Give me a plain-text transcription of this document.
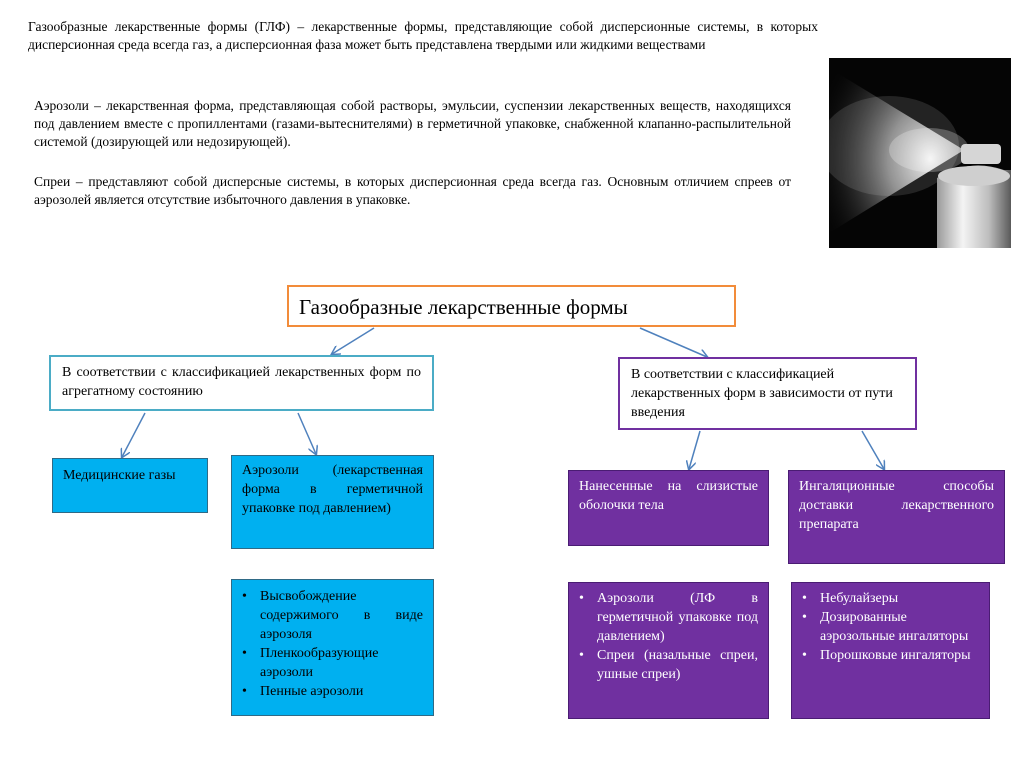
Газообразные лекарственные формы (ГЛФ) – лекарственные формы, представляющие собой дисперсионные системы, в которых дисперсионная среда всегда газ, а дисперсионная фаза может быть представлена твердыми или жидкими веществами

Аэрозоли – лекарственная форма, представляющая собой растворы, эмульсии, суспензии лекарственных веществ, находящихся под давлением вместе с пропиллентами (газами-вытеснителями) в герметичной упаковке, снабженной клапанно-распылительной системой (дозирующей или недозирующей).

Спреи – представляют собой дисперсные системы, в которых дисперсионная среда всегда газ. Основным отличием спреев от аэрозолей является отсутствие избыточного давления в упаковке.

Газообразные лекарственные формы
В соответствии с классификацией лекарственных форм по агрегатному состоянию
В соответствии с классификацией лекарственных форм в зависимости от пути введения
Медицинские газы	Аэрозоли (лекарственная форма в герметичной упаковке под давлением)
• Высвобождение содержимого в виде аэрозоля
• Пленкообразующие аэрозоли
• Пенные аэрозоли
Нанесенные на слизистые оболочки тела
Ингаляционные способы доставки лекарственного препарата
• Аэрозоли (ЛФ в герметичной упаковке под давлением)
• Спреи (назальные спреи, ушные спреи)
• Небулайзеры
• Дозированные аэрозольные ингаляторы
• Порошковые ингаляторы
